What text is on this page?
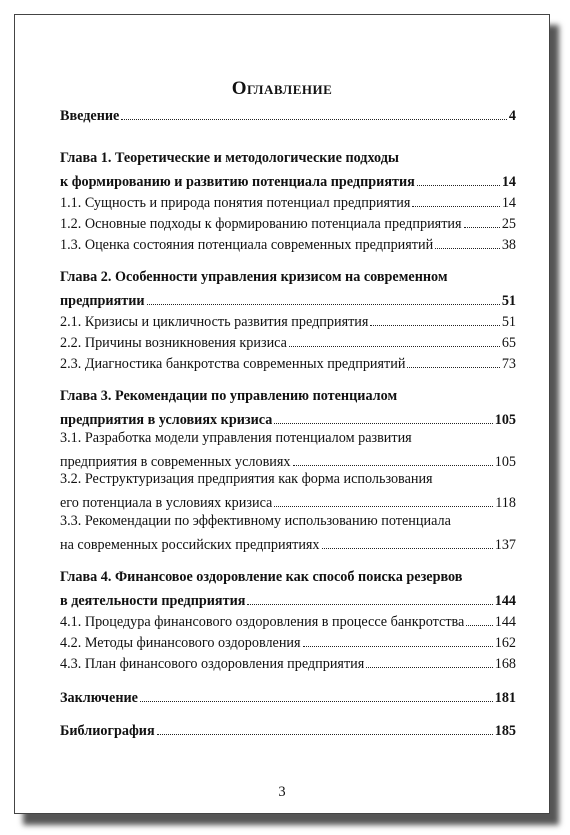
Оглавление
Введение	4
Глава 1. Теоретические и методологические подходы
к формированию и развитию потенциала предприятия	14
1.1. Сущность и природа понятия потенциал предприятия	14
1.2. Основные подходы к формированию потенциала предприятия	25
1.3. Оценка состояния потенциала современных предприятий	38
Глава 2. Особенности управления кризисом на современном
предприятии	51
2.1. Кризисы и цикличность развития предприятия	51
2.2. Причины возникновения кризиса	65
2.3. Диагностика банкротства современных предприятий	73
Глава 3. Рекомендации по управлению потенциалом
предприятия в условиях кризиса	105
3.1. Разработка модели управления потенциалом развития
предприятия в современных условиях	105
3.2. Реструктуризация предприятия как форма использования
его потенциала в условиях кризиса	118
3.3. Рекомендации по эффективному использованию потенциала
на современных российских предприятиях	137
Глава 4. Финансовое оздоровление как способ поиска резервов
в деятельности предприятия	144
4.1. Процедура финансового оздоровления в процессе банкротства 144
4.2. Методы финансового оздоровления	162
4.3. План финансового оздоровления предприятия	168
Заключение	181
Библиография	185
3
